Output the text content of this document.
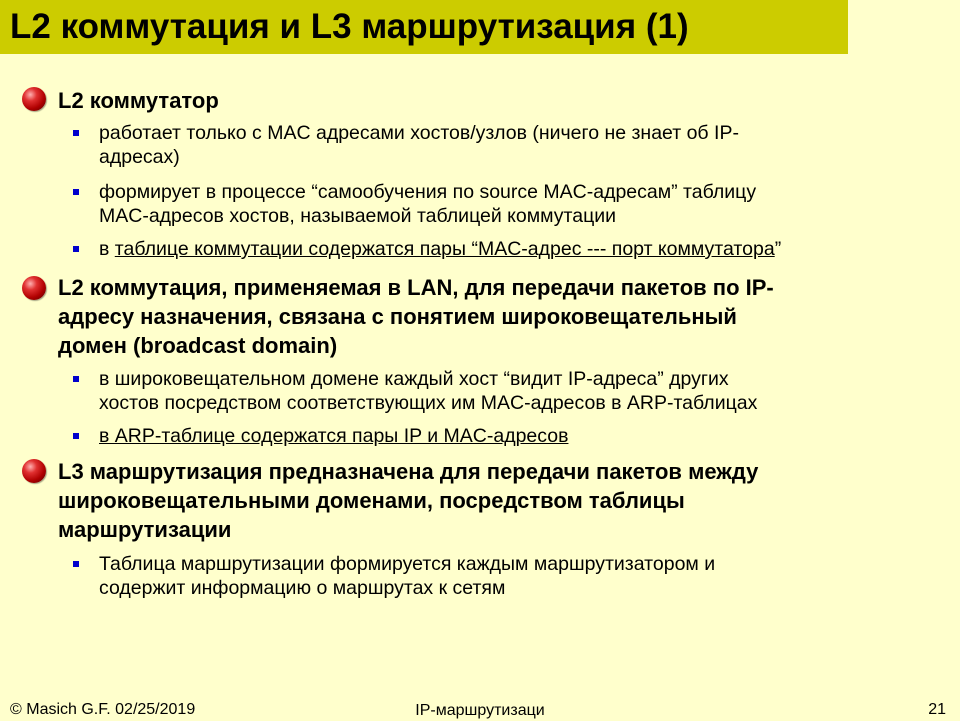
L2 коммутация и L3 маршрутизация (1)
L2 коммутатор
работает только с MAC адресами хостов/узлов (ничего не знает об IP-
адресах)
формирует в процессе “самообучения по source MAC-адресам” таблицу
MAC-адресов хостов, называемой таблицей коммутации
в таблице коммутации содержатся пары “MAC-адрес --- порт коммутатора”
L2 коммутация, применяемая в LAN, для передачи пакетов по IP-
адресу назначения, связана с понятием широковещательный
домен (broadcast domain)
в широковещательном домене каждый хост “видит IP-адреса” других
хостов посредством соответствующих им MAC-адресов в ARP-таблицах
в ARP-таблице содержатся пары IP и MAC-адресов
L3 маршрутизация предназначена для передачи пакетов между
широковещательными доменами, посредством таблицы
маршрутизации
Таблица маршрутизации формируется каждым маршрутизатором и
содержит информацию о маршрутах к сетям
© Masich G.F. 02/25/2019	IP-маршрутизаци	21
